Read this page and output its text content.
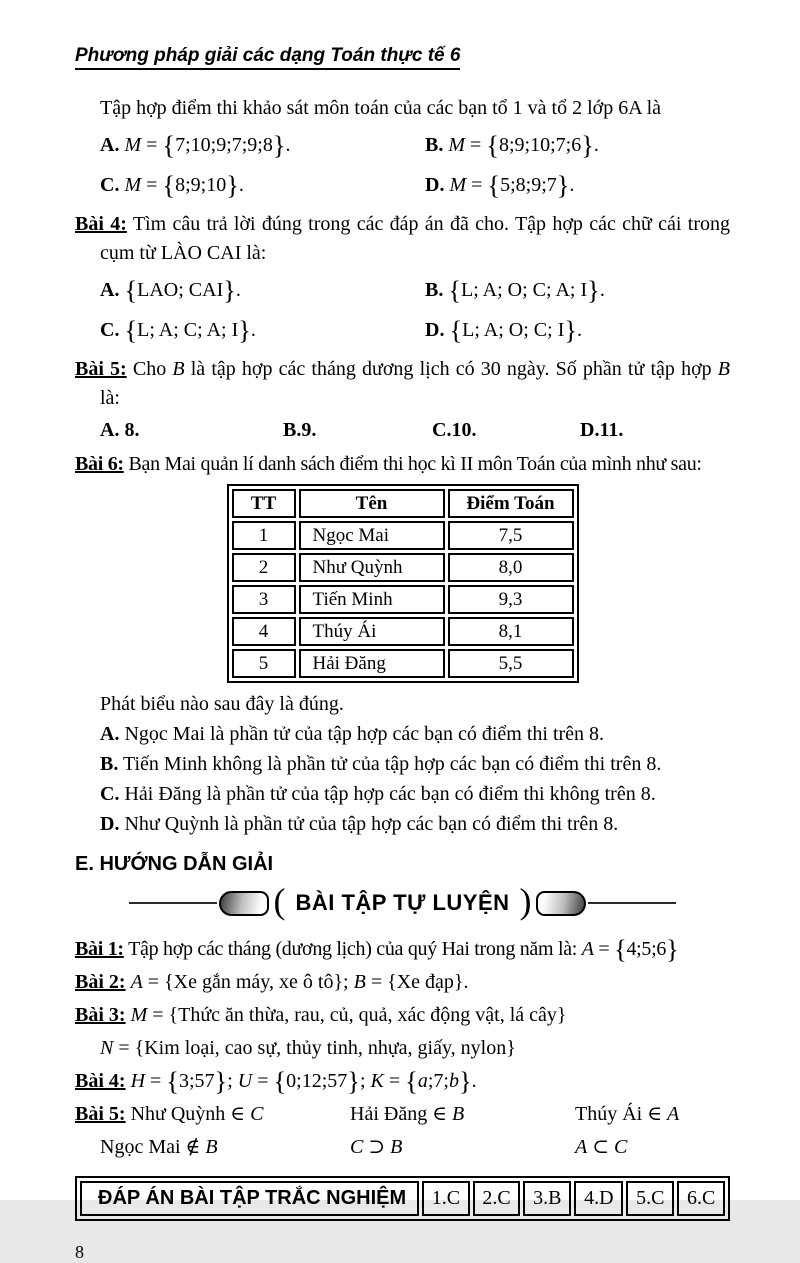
Phương pháp giải các dạng Toán thực tế 6

Tập hợp điểm thi khảo sát môn toán của các bạn tổ 1 và tổ 2 lớp 6A là

A. M = {7;10;9;7;9;8}.	B. M = {8;9;10;7;6}.
C. M = {8;9;10}.	D. M = {5;8;9;7}.

Bài 4: Tìm câu trả lời đúng trong các đáp án đã cho. Tập hợp các chữ cái trong cụm từ LÀO CAI là:

A. {LAO; CAI}.	B. {L; A; O; C; A; I}.
C. {L; A; C; A; I}.	D. {L; A; O; C; I}.

Bài 5: Cho B là tập hợp các tháng dương lịch có 30 ngày. Số phần tử tập hợp B là:

A. 8.	B.9.	C.10.	D.11.

Bài 6: Bạn Mai quản lí danh sách điểm thi học kì II môn Toán của mình như sau:

TT	Tên	Điểm Toán
1	Ngọc Mai	7,5
2	Như Quỳnh	8,0
3	Tiến Minh	9,3
4	Thúy Ái	8,1
5	Hải Đăng	5,5

Phát biểu nào sau đây là đúng.

A. Ngọc Mai là phần tử của tập hợp các bạn có điểm thi trên 8.

B. Tiến Minh không là phần tử của tập hợp các bạn có điểm thi trên 8.

C. Hải Đăng là phần tử của tập hợp các bạn có điểm thi không trên 8.

D. Như Quỳnh là phần tử của tập hợp các bạn có điểm thi trên 8.

E. HƯỚNG DẪN GIẢI
( BÀI TẬP TỰ LUYỆN )

Bài 1: Tập hợp các tháng (dương lịch) của quý Hai trong năm là: A = {4;5;6}

Bài 2: A = {Xe gắn máy, xe ô tô}; B = {Xe đạp}.

Bài 3: M = {Thức ăn thừa, rau, củ, quả, xác động vật, lá cây}

N = {Kim loại, cao sự, thủy tinh, nhựa, giấy, nylon}

Bài 4: H = {3;57}; U = {0;12;57}; K = {a;7;b}.

Bài 5: Như Quỳnh ∈ C	Hải Đăng ∈ B	Thúy Ái ∈ A
Ngọc Mai ∉ B	C ⊃ B	A ⊂ C
ĐÁP ÁN BÀI TẬP TRẮC NGHIỆM	1.C	2.C	3.B	4.D	5.C	6.C

8
